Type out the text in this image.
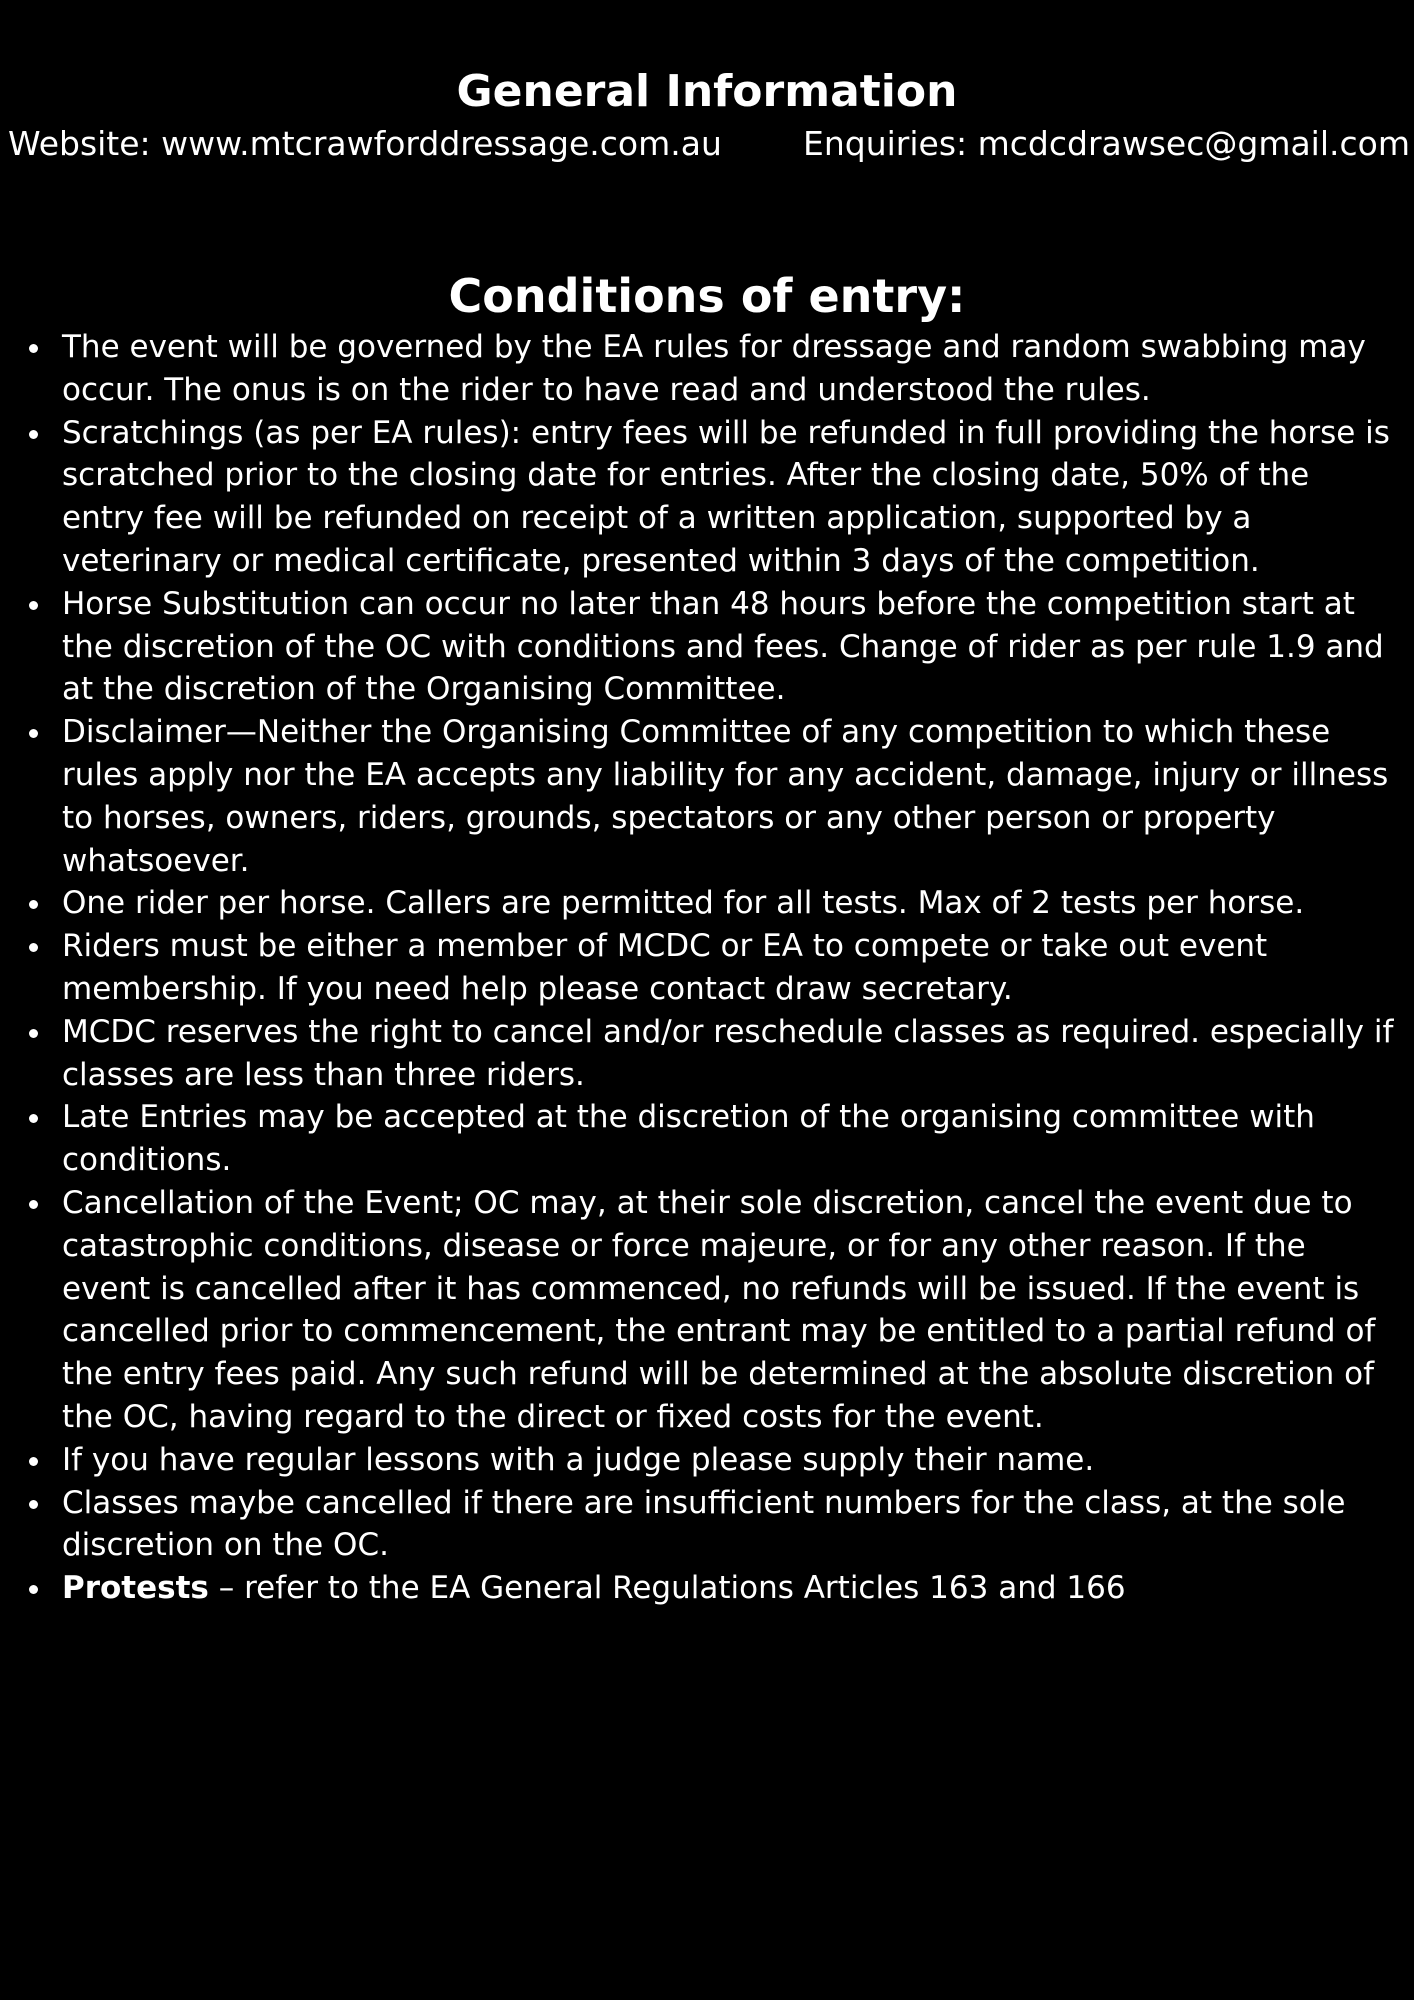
General Information
Website: www.mtcrawforddressage.com.au Enquiries: mcdcdrawsec@gmail.com
Conditions of entry:
The event will be governed by the EA rules for dressage and random swabbing may occur. The onus is on the rider to have read and understood the rules.
Scratchings (as per EA rules): entry fees will be refunded in full providing the horse is scratched prior to the closing date for entries. After the closing date, 50% of the entry fee will be refunded on receipt of a written application, supported by a veterinary or medical certificate, presented within 3 days of the competition.
Horse Substitution can occur no later than 48 hours before the competition start at the discretion of the OC with conditions and fees. Change of rider as per rule 1.9 and at the discretion of the Organising Committee.
Disclaimer—Neither the Organising Committee of any competition to which these rules apply nor the EA accepts any liability for any accident, damage, injury or illness to horses, owners, riders, grounds, spectators or any other person or property whatsoever.
One rider per horse. Callers are permitted for all tests. Max of 2 tests per horse.
Riders must be either a member of MCDC or EA to compete or take out event membership. If you need help please contact draw secretary.
MCDC reserves the right to cancel and/or reschedule classes as required. especially if classes are less than three riders.
Late Entries may be accepted at the discretion of the organising committee with conditions.
Cancellation of the Event; OC may, at their sole discretion, cancel the event due to catastrophic conditions, disease or force majeure, or for any other reason. If the event is cancelled after it has commenced, no refunds will be issued. If the event is cancelled prior to commencement, the entrant may be entitled to a partial refund of the entry fees paid. Any such refund will be determined at the absolute discretion of the OC, having regard to the direct or fixed costs for the event.
If you have regular lessons with a judge please supply their name.
Classes maybe cancelled if there are insufficient numbers for the class, at the sole discretion on the OC.
Protests – refer to the EA General Regulations Articles 163 and 166
